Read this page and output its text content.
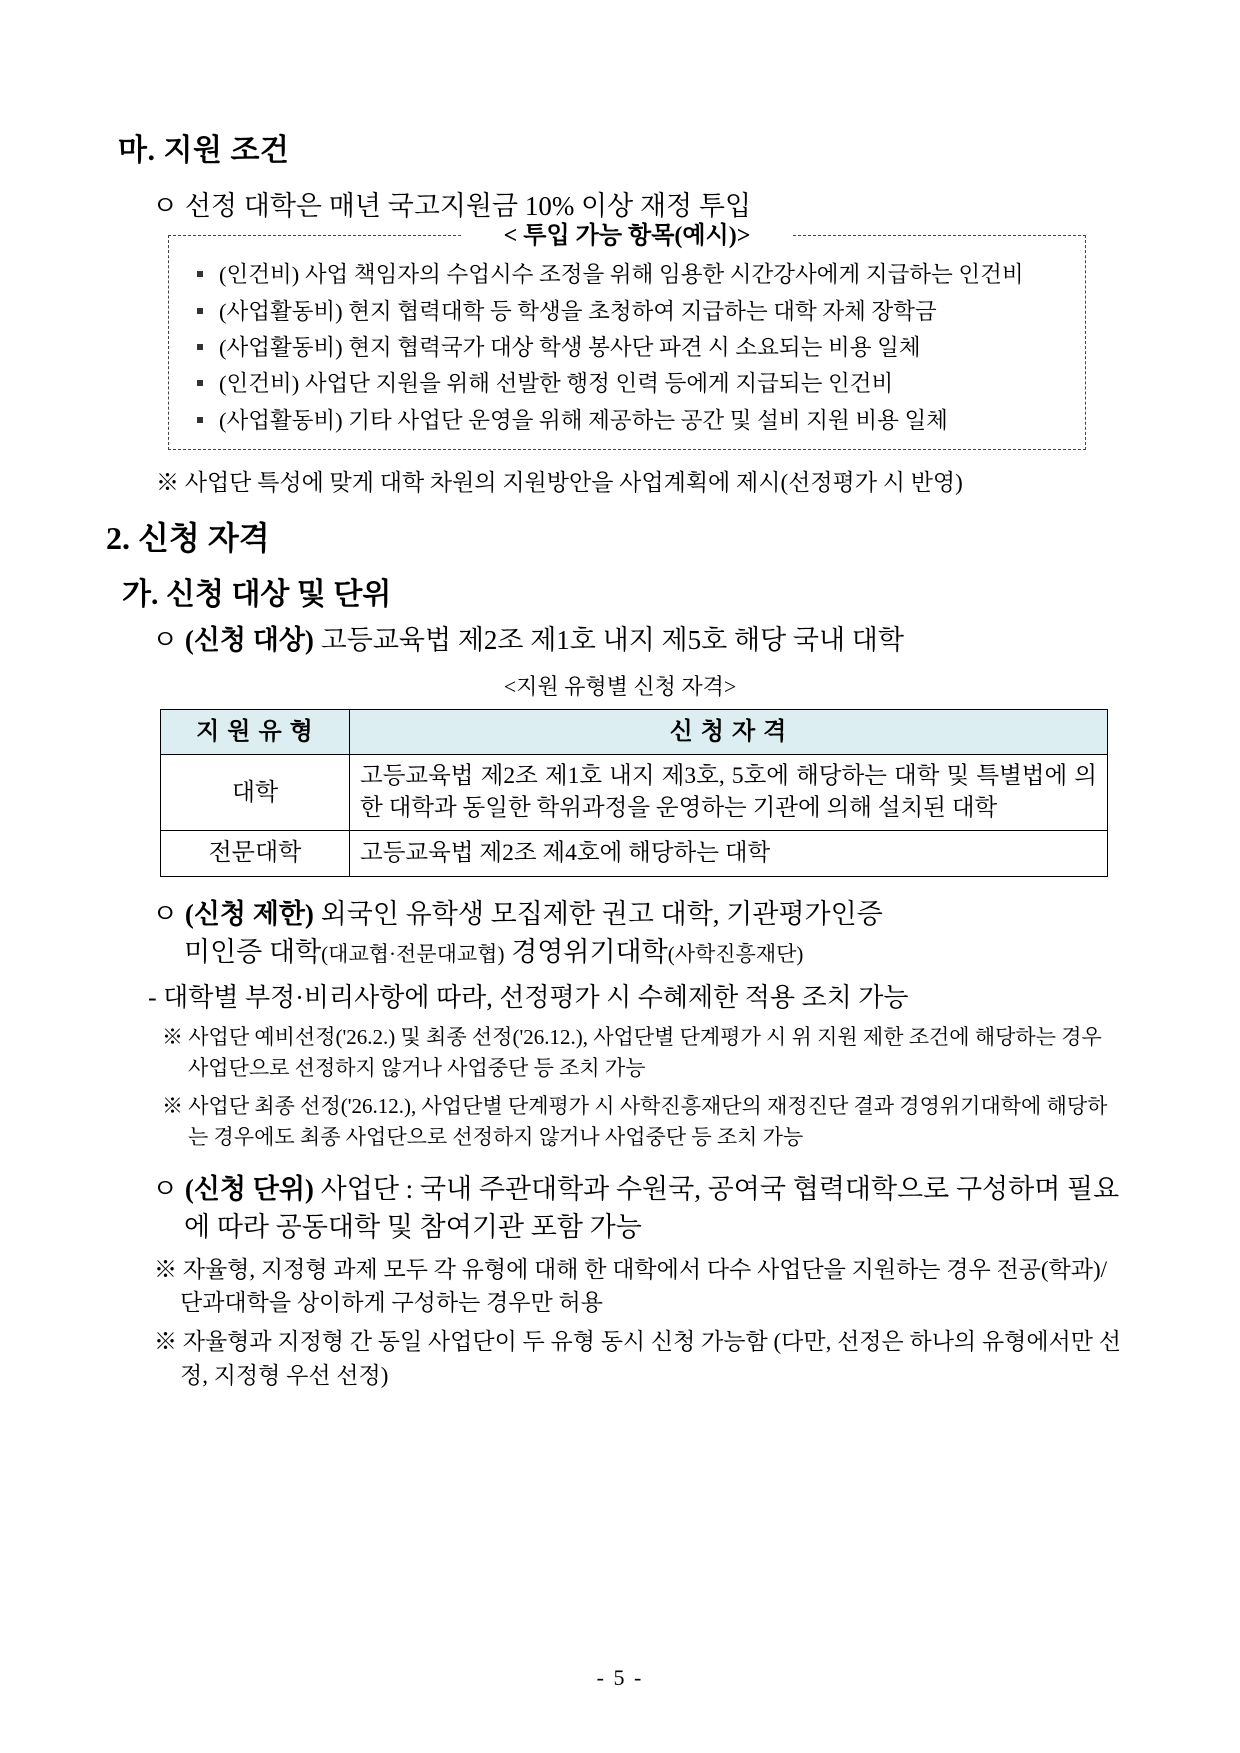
마. 지원 조건
ㅇ 선정 대학은 매년 국고지원금 10% 이상 재정 투입
< 투입 가능 항목(예시)>
(인건비) 사업 책임자의 수업시수 조정을 위해 임용한 시간강사에게 지급하는 인건비
(사업활동비) 현지 협력대학 등 학생을 초청하여 지급하는 대학 자체 장학금
(사업활동비) 현지 협력국가 대상 학생 봉사단 파견 시 소요되는 비용 일체
(인건비) 사업단 지원을 위해 선발한 행정 인력 등에게 지급되는 인건비
(사업활동비) 기타 사업단 운영을 위해 제공하는 공간 및 설비 지원 비용 일체
※ 사업단 특성에 맞게 대학 차원의 지원방안을 사업계획에 제시(선정평가 시 반영)
2. 신청 자격
가. 신청 대상 및 단위
ㅇ (신청 대상) 고등교육법 제2조 제1호 내지 제5호 해당 국내 대학
<지원 유형별 신청 자격>
지 원 유 형	신 청 자 격
대학	고등교육법 제2조 제1호 내지 제3호, 5호에 해당하는 대학 및 특별법에 의한 대학과 동일한 학위과정을 운영하는 기관에 의해 설치된 대학
전문대학	고등교육법 제2조 제4호에 해당하는 대학
ㅇ (신청 제한) 외국인 유학생 모집제한 권고 대학, 기관평가인증
미인증 대학(대교협·전문대교협) 경영위기대학(사학진흥재단)
- 대학별 부정·비리사항에 따라, 선정평가 시 수혜제한 적용 조치 가능
※ 사업단 예비선정('26.2.) 및 최종 선정('26.12.), 사업단별 단계평가 시 위 지원 제한 조건에 해당하는 경우 사업단으로 선정하지 않거나 사업중단 등 조치 가능
※ 사업단 최종 선정('26.12.), 사업단별 단계평가 시 사학진흥재단의 재정진단 결과 경영위기대학에 해당하는 경우에도 최종 사업단으로 선정하지 않거나 사업중단 등 조치 가능
ㅇ (신청 단위) 사업단 : 국내 주관대학과 수원국, 공여국 협력대학으로 구성하며 필요에 따라 공동대학 및 참여기관 포함 가능
※ 자율형, 지정형 과제 모두 각 유형에 대해 한 대학에서 다수 사업단을 지원하는 경우 전공(학과)/단과대학을 상이하게 구성하는 경우만 허용
※ 자율형과 지정형 간 동일 사업단이 두 유형 동시 신청 가능함 (다만, 선정은 하나의 유형에서만 선정, 지정형 우선 선정)
- 5 -
